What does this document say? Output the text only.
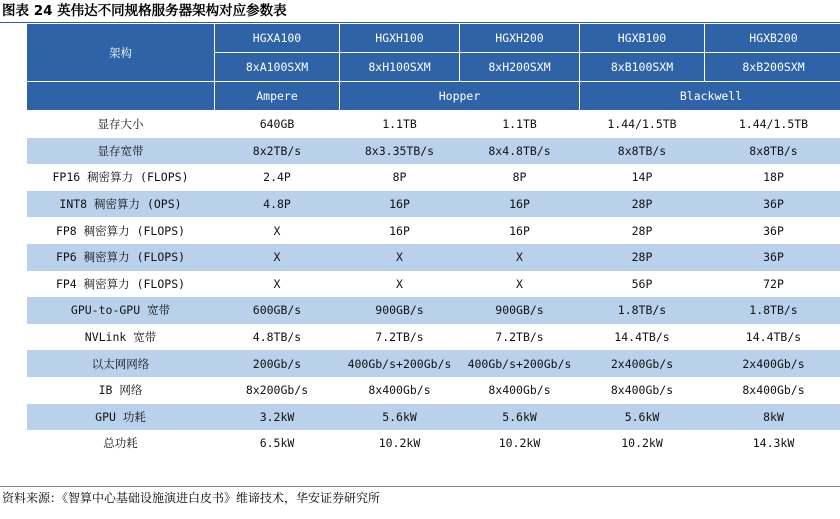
图表 24 英伟达不同规格服务器架构对应参数表
架构	HGXA100	HGXH100	HGXH200	HGXB100	HGXB200
	8xA100SXM	8xH100SXM	8xH200SXM	8xB100SXM	8xB200SXM
	Ampere	Hopper		Blackwell	
显存大小	640GB	1.1TB	1.1TB	1.44/1.5TB	1.44/1.5TB
显存宽带	8x2TB/s	8x3.35TB/s	8x4.8TB/s	8x8TB/s	8x8TB/s
FP16 稠密算力 (FLOPS)	2.4P	8P	8P	14P	18P
INT8 稠密算力 (OPS)	4.8P	16P	16P	28P	36P
FP8 稠密算力 (FLOPS)	X	16P	16P	28P	36P
FP6 稠密算力 (FLOPS)	X	X	X	28P	36P
FP4 稠密算力 (FLOPS)	X	X	X	56P	72P
GPU-to-GPU 宽带	600GB/s	900GB/s	900GB/s	1.8TB/s	1.8TB/s
NVLink 宽带	4.8TB/s	7.2TB/s	7.2TB/s	14.4TB/s	14.4TB/s
以太网网络	200Gb/s	400Gb/s+200Gb/s	400Gb/s+200Gb/s	2x400Gb/s	2x400Gb/s
IB 网络	8x200Gb/s	8x400Gb/s	8x400Gb/s	8x400Gb/s	8x400Gb/s
GPU 功耗	3.2kW	5.6kW	5.6kW	5.6kW	8kW
总功耗	6.5kW	10.2kW	10.2kW	10.2kW	14.3kW
资料来源：《智算中心基础设施演进白皮书》维谛技术，华安证券研究所
